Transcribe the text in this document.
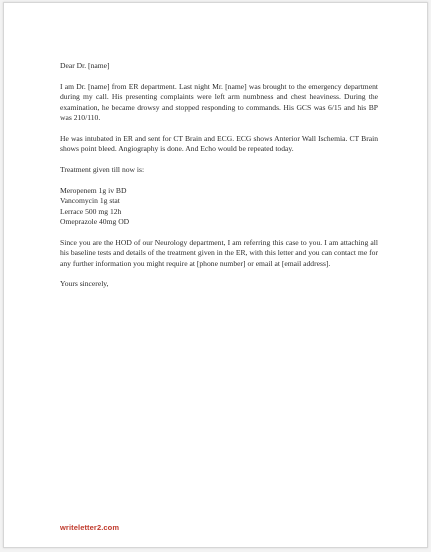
Dear Dr. [name]

I am Dr. [name] from ER department. Last night Mr. [name] was brought to the emergency department during my call. His presenting complaints were left arm numbness and chest heaviness. During the examination, he became drowsy and stopped responding to commands. His GCS was 6/15 and his BP was 210/110.

He was intubated in ER and sent for CT Brain and ECG. ECG shows Anterior Wall Ischemia. CT Brain shows point bleed. Angiography is done. And Echo would be repeated today.

Treatment given till now is:

Meropenem 1g iv BD
Vancomycin 1g stat
Lerrace 500 mg 12h
Omeprazole 40mg OD

Since you are the HOD of our Neurology department, I am referring this case to you. I am attaching all his baseline tests and details of the treatment given in the ER, with this letter and you can contact me for any further information you might require at [phone number] or email at [email address].

Yours sincerely,

writeletter2.com
